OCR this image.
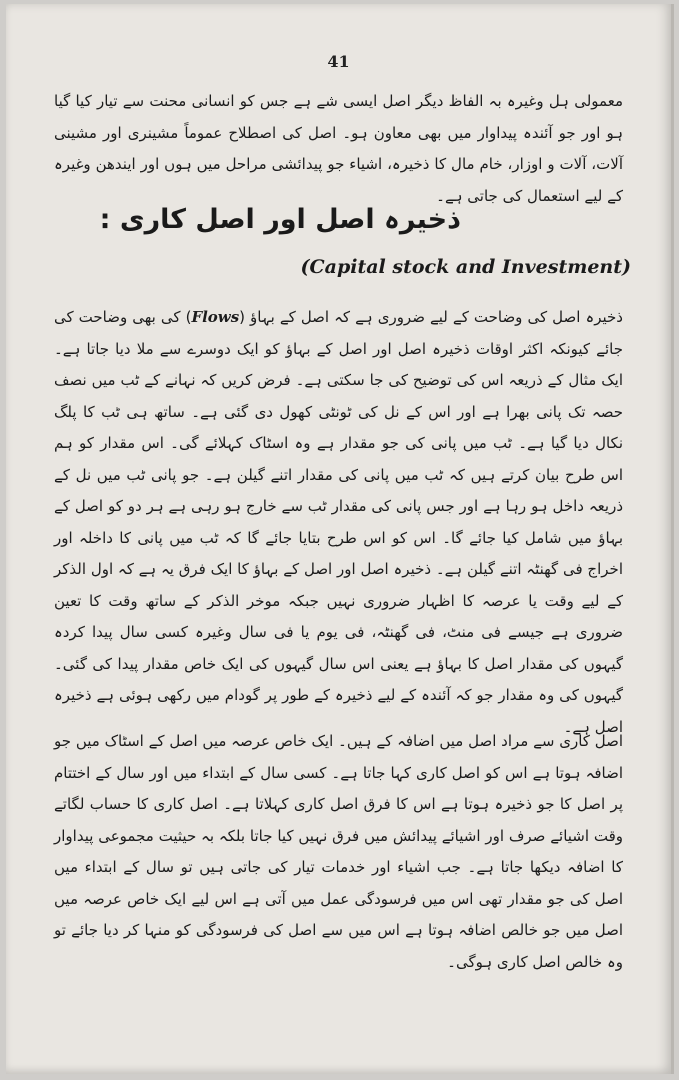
41

معمولی ہل وغیرہ بہ الفاظ دیگر اصل ایسی شے ہے جس کو انسانی محنت سے تیار کیا گیا ہو اور جو آئندہ پیداوار میں بھی معاون ہو۔ اصل کی اصطلاح عموماً مشینری اور مشینی آلات، آلات و اوزار، خام مال کا ذخیرہ، اشیاء جو پیدائشی مراحل میں ہوں اور ایندھن وغیرہ کے لیے استعمال کی جاتی ہے۔

ذخیرہ اصل اور اصل کاری :
(Capital stock and Investment)

ذخیرہ اصل کی وضاحت کے لیے ضروری ہے کہ اصل کے بہاؤ (Flows) کی بھی وضاحت کی جائے کیونکہ اکثر اوقات ذخیرہ اصل اور اصل کے بہاؤ کو ایک دوسرے سے ملا دیا جاتا ہے۔ ایک مثال کے ذریعہ اس کی توضیح کی جا سکتی ہے۔ فرض کریں کہ نہانے کے ٹب میں نصف حصہ تک پانی بھرا ہے اور اس کے نل کی ٹونٹی کھول دی گئی ہے۔ ساتھ ہی ٹب کا پلگ نکال دیا گیا ہے۔ ٹب میں پانی کی جو مقدار ہے وہ اسٹاک کہلائے گی۔ اس مقدار کو ہم اس طرح بیان کرتے ہیں کہ ٹب میں پانی کی مقدار اتنے گیلن ہے۔ جو پانی ٹب میں نل کے ذریعہ داخل ہو رہا ہے اور جس پانی کی مقدار ٹب سے خارج ہو رہی ہے ہر دو کو اصل کے بہاؤ میں شامل کیا جائے گا۔ اس کو اس طرح بتایا جائے گا کہ ٹب میں پانی کا داخلہ اور اخراج فی گھنٹہ اتنے گیلن ہے۔ ذخیرہ اصل اور اصل کے بہاؤ کا ایک فرق یہ ہے کہ اول الذکر کے لیے وقت یا عرصہ کا اظہار ضروری نہیں جبکہ موخر الذکر کے ساتھ وقت کا تعین ضروری ہے جیسے فی منٹ، فی گھنٹہ، فی یوم یا فی سال وغیرہ کسی سال پیدا کردہ گیہوں کی مقدار اصل کا بہاؤ ہے یعنی اس سال گیہوں کی ایک خاص مقدار پیدا کی گئی۔ گیہوں کی وہ مقدار جو کہ آئندہ کے لیے ذخیرہ کے طور پر گودام میں رکھی ہوئی ہے ذخیرہ اصل ہے۔

اصل کاری سے مراد اصل میں اضافہ کے ہیں۔ ایک خاص عرصہ میں اصل کے اسٹاک میں جو اضافہ ہوتا ہے اس کو اصل کاری کہا جاتا ہے۔ کسی سال کے ابتداء میں اور سال کے اختتام پر اصل کا جو ذخیرہ ہوتا ہے اس کا فرق اصل کاری کہلاتا ہے۔ اصل کاری کا حساب لگاتے وقت اشیائے صرف اور اشیائے پیدائش میں فرق نہیں کیا جاتا بلکہ بہ حیثیت مجموعی پیداوار کا اضافہ دیکھا جاتا ہے۔ جب اشیاء اور خدمات تیار کی جاتی ہیں تو سال کے ابتداء میں اصل کی جو مقدار تھی اس میں فرسودگی عمل میں آتی ہے اس لیے ایک خاص عرصہ میں اصل میں جو خالص اضافہ ہوتا ہے اس میں سے اصل کی فرسودگی کو منہا کر دیا جائے تو وہ خالص اصل کاری ہوگی۔
